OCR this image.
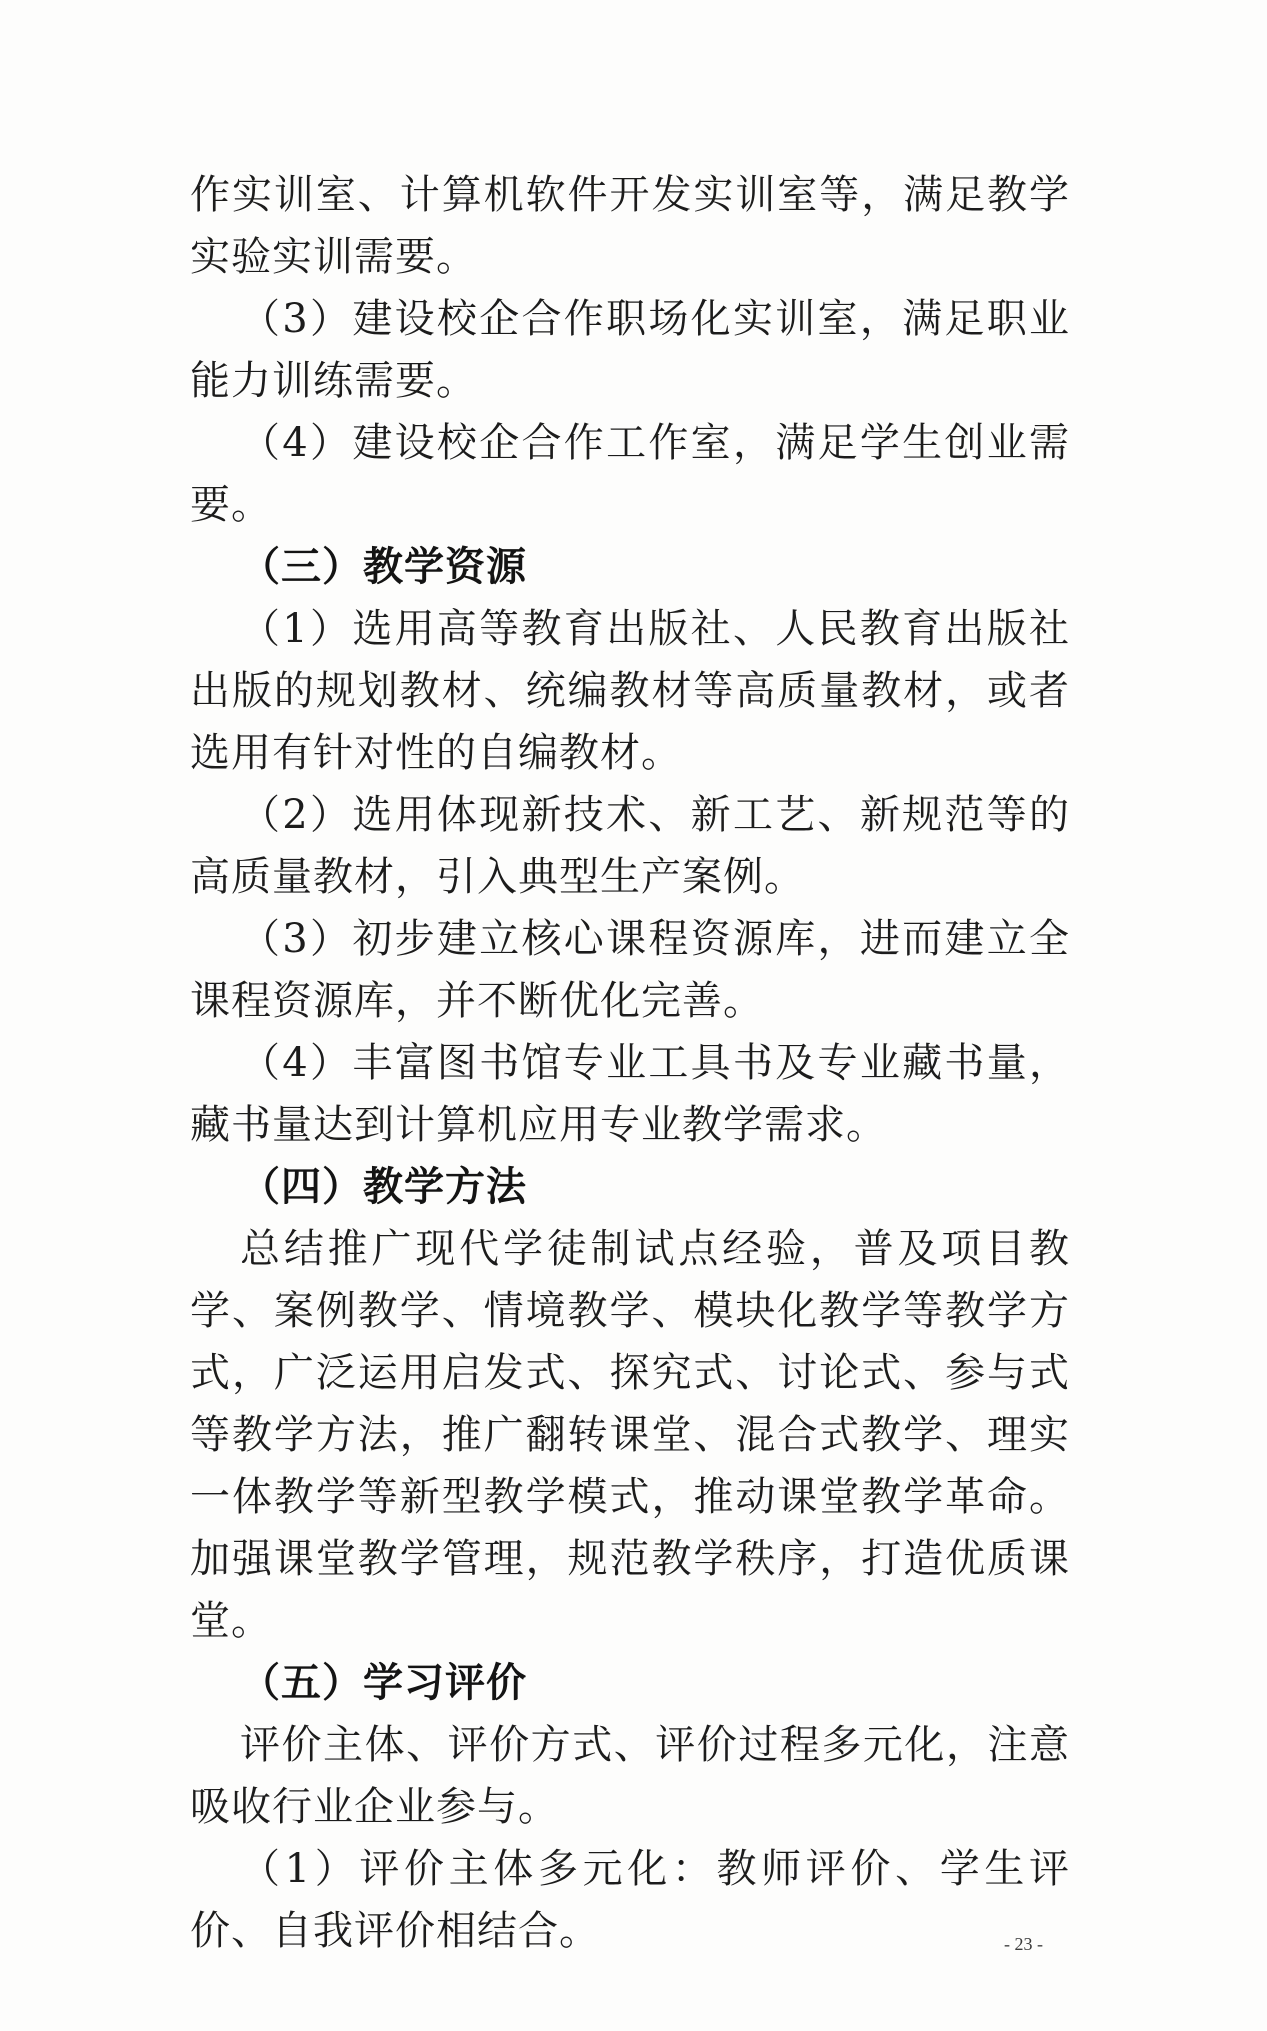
作实训室、计算机软件开发实训室等，满足教学实验实训需要。

（3）建设校企合作职场化实训室，满足职业能力训练需要。

（4）建设校企合作工作室，满足学生创业需要。

（三）教学资源

（1）选用高等教育出版社、人民教育出版社出版的规划教材、统编教材等高质量教材，或者选用有针对性的自编教材。

（2）选用体现新技术、新工艺、新规范等的高质量教材，引入典型生产案例。

（3）初步建立核心课程资源库，进而建立全课程资源库，并不断优化完善。

（4）丰富图书馆专业工具书及专业藏书量，藏书量达到计算机应用专业教学需求。

（四）教学方法

总结推广现代学徒制试点经验，普及项目教学、案例教学、情境教学、模块化教学等教学方式，广泛运用启发式、探究式、讨论式、参与式等教学方法，推广翻转课堂、混合式教学、理实一体教学等新型教学模式，推动课堂教学革命。加强课堂教学管理，规范教学秩序，打造优质课堂。

（五）学习评价

评价主体、评价方式、评价过程多元化，注意吸收行业企业参与。

（1）评价主体多元化：教师评价、学生评价、自我评价相结合。	- 23 -
